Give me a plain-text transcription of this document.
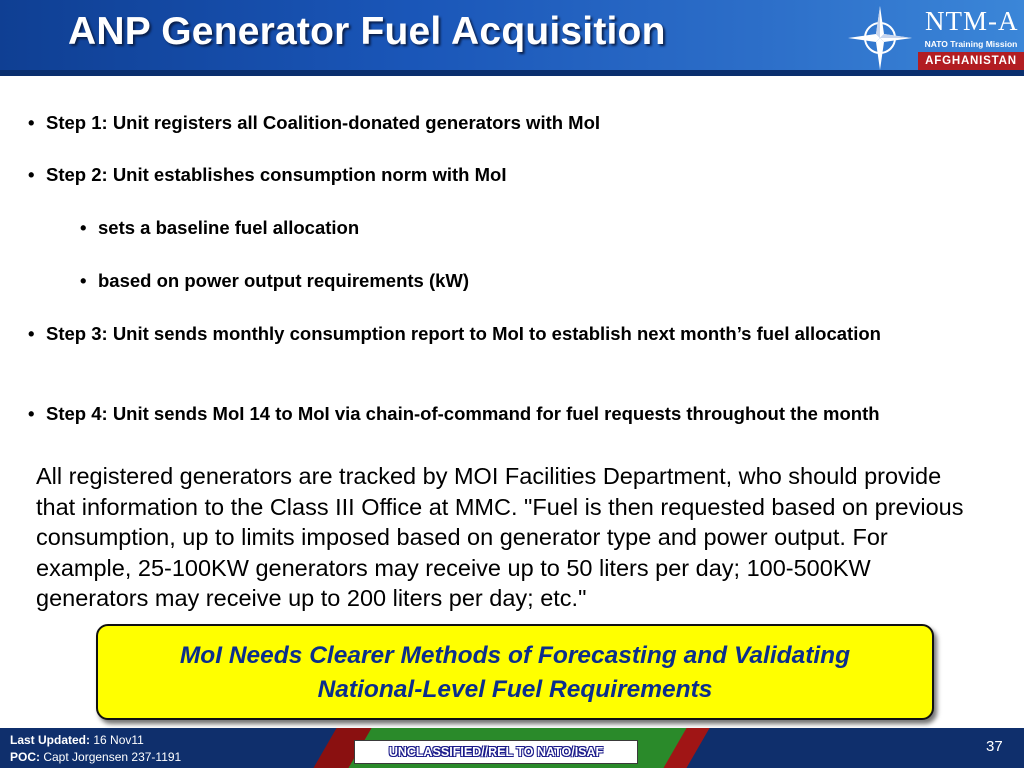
ANP Generator Fuel Acquisition	NTM-A
NATO Training Mission
AFGHANISTAN
• Step 1: Unit registers all Coalition-donated generators with MoI
• Step 2: Unit establishes consumption norm with MoI
• sets a baseline fuel allocation
• based on power output requirements (kW)
• Step 3: Unit sends monthly consumption report to MoI to establish next month’s fuel allocation
• Step 4: Unit sends MoI 14 to MoI via chain-of-command for fuel requests throughout the month
All registered generators are tracked by MOI Facilities Department, who should provide that information to the Class III Office at MMC. "Fuel is then requested based on previous consumption, up to limits imposed based on generator type and power output. For example, 25-100KW generators may receive up to 50 liters per day; 100-500KW generators may receive up to 200 liters per day; etc."
MoI Needs Clearer Methods of Forecasting and Validating
National-Level Fuel Requirements
Last Updated: 16 Nov11
POC: Capt Jorgensen 237-1191
37
UNCLASSIFIED//REL TO NATO/ISAF
